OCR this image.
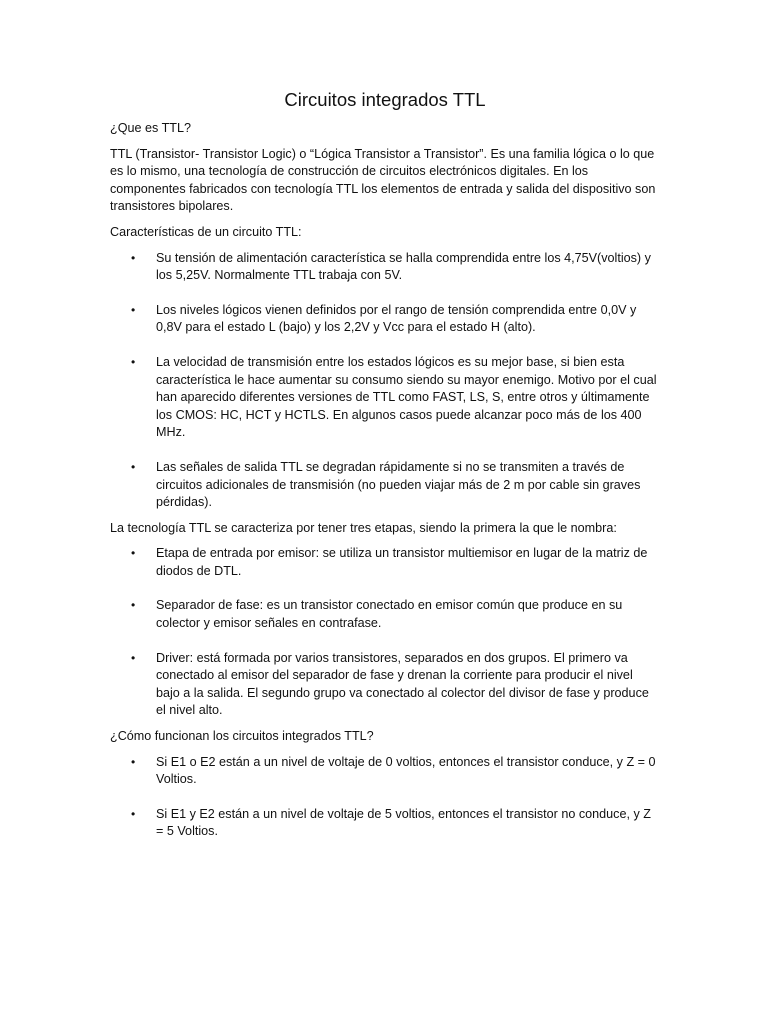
Circuitos integrados TTL

¿Que es TTL?

TTL (Transistor- Transistor Logic) o “Lógica Transistor a Transistor”. Es una familia lógica o lo que es lo mismo, una tecnología de construcción de circuitos electrónicos digitales. En los componentes fabricados con tecnología TTL los elementos de entrada y salida del dispositivo son transistores bipolares.

Características de un circuito TTL:

• Su tensión de alimentación característica se halla comprendida entre los 4,75V(voltios) y los 5,25V. Normalmente TTL trabaja con 5V.
• Los niveles lógicos vienen definidos por el rango de tensión comprendida entre 0,0V y 0,8V para el estado L (bajo) y los 2,2V y Vcc para el estado H (alto).
• La velocidad de transmisión entre los estados lógicos es su mejor base, si bien esta característica le hace aumentar su consumo siendo su mayor enemigo. Motivo por el cual han aparecido diferentes versiones de TTL como FAST, LS, S, entre otros y últimamente los CMOS: HC, HCT y HCTLS. En algunos casos puede alcanzar poco más de los 400 MHz.
• Las señales de salida TTL se degradan rápidamente si no se transmiten a través de circuitos adicionales de transmisión (no pueden viajar más de 2 m por cable sin graves pérdidas).

La tecnología TTL se caracteriza por tener tres etapas, siendo la primera la que le nombra:

• Etapa de entrada por emisor: se utiliza un transistor multiemisor en lugar de la matriz de diodos de DTL.
• Separador de fase: es un transistor conectado en emisor común que produce en su colector y emisor señales en contrafase.
• Driver: está formada por varios transistores, separados en dos grupos. El primero va conectado al emisor del separador de fase y drenan la corriente para producir el nivel bajo a la salida. El segundo grupo va conectado al colector del divisor de fase y produce el nivel alto.

¿Cómo funcionan los circuitos integrados TTL?

• Si E1 o E2 están a un nivel de voltaje de 0 voltios, entonces el transistor conduce, y Z = 0 Voltios.
• Si E1 y E2 están a un nivel de voltaje de 5 voltios, entonces el transistor no conduce, y Z = 5 Voltios.
